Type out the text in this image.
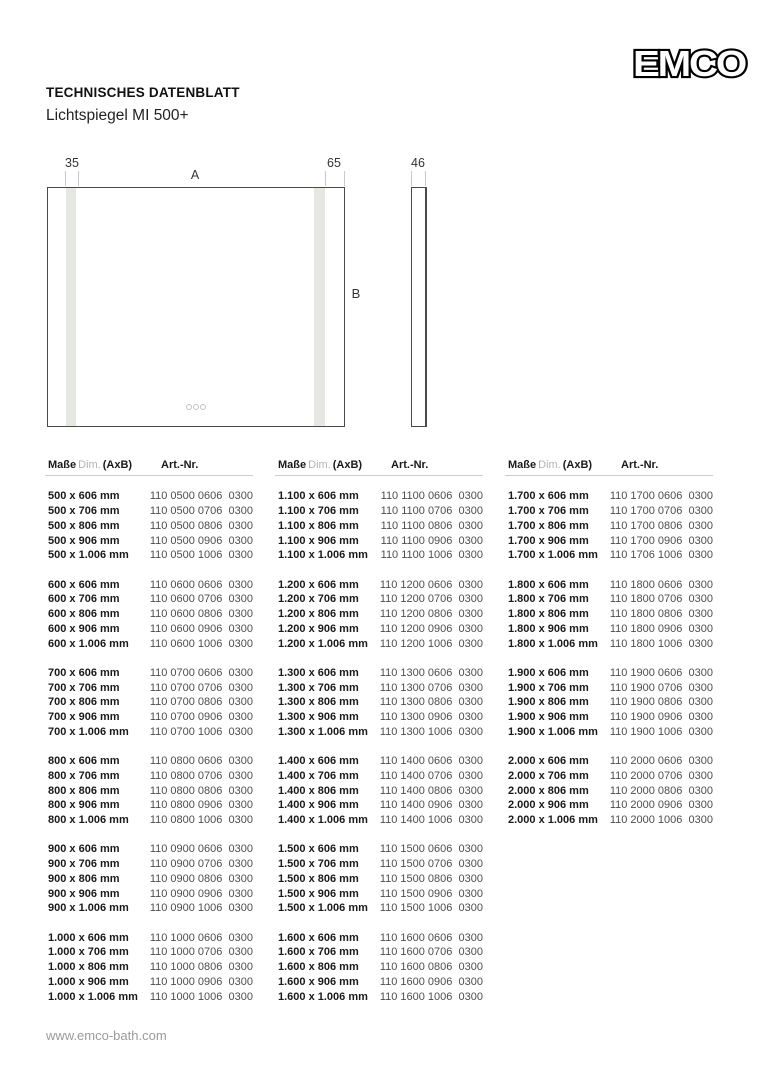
EMCO
TECHNISCHES DATENBLATT
Lichtspiegel MI 500+
35
A
65	46
B
Maße Dim. (AxB)	Art.-Nr.
500 x 606 mm	110 0500 0606  0300
500 x 706 mm	110 0500 0706  0300
500 x 806 mm	110 0500 0806  0300
500 x 906 mm	110 0500 0906  0300
500 x 1.006 mm	110 0500 1006  0300
600 x 606 mm	110 0600 0606  0300
600 x 706 mm	110 0600 0706  0300
600 x 806 mm	110 0600 0806  0300
600 x 906 mm	110 0600 0906  0300
600 x 1.006 mm	110 0600 1006  0300
700 x 606 mm	110 0700 0606  0300
700 x 706 mm	110 0700 0706  0300
700 x 806 mm	110 0700 0806  0300
700 x 906 mm	110 0700 0906  0300
700 x 1.006 mm	110 0700 1006  0300
800 x 606 mm	110 0800 0606  0300
800 x 706 mm	110 0800 0706  0300
800 x 806 mm	110 0800 0806  0300
800 x 906 mm	110 0800 0906  0300
800 x 1.006 mm	110 0800 1006  0300
900 x 606 mm	110 0900 0606  0300
900 x 706 mm	110 0900 0706  0300
900 x 806 mm	110 0900 0806  0300
900 x 906 mm	110 0900 0906  0300
900 x 1.006 mm	110 0900 1006  0300
1.000 x 606 mm	110 1000 0606  0300
1.000 x 706 mm	110 1000 0706  0300
1.000 x 806 mm	110 1000 0806  0300
1.000 x 906 mm	110 1000 0906  0300
1.000 x 1.006 mm	110 1000 1006  0300
Maße Dim. (AxB)	Art.-Nr.
1.100 x 606 mm	110 1100 0606  0300
1.100 x 706 mm	110 1100 0706  0300
1.100 x 806 mm	110 1100 0806  0300
1.100 x 906 mm	110 1100 0906  0300
1.100 x 1.006 mm	110 1100 1006  0300
1.200 x 606 mm	110 1200 0606  0300
1.200 x 706 mm	110 1200 0706  0300
1.200 x 806 mm	110 1200 0806  0300
1.200 x 906 mm	110 1200 0906  0300
1.200 x 1.006 mm	110 1200 1006  0300
1.300 x 606 mm	110 1300 0606  0300
1.300 x 706 mm	110 1300 0706  0300
1.300 x 806 mm	110 1300 0806  0300
1.300 x 906 mm	110 1300 0906  0300
1.300 x 1.006 mm	110 1300 1006  0300
1.400 x 606 mm	110 1400 0606  0300
1.400 x 706 mm	110 1400 0706  0300
1.400 x 806 mm	110 1400 0806  0300
1.400 x 906 mm	110 1400 0906  0300
1.400 x 1.006 mm	110 1400 1006  0300
1.500 x 606 mm	110 1500 0606  0300
1.500 x 706 mm	110 1500 0706  0300
1.500 x 806 mm	110 1500 0806  0300
1.500 x 906 mm	110 1500 0906  0300
1.500 x 1.006 mm	110 1500 1006  0300
1.600 x 606 mm	110 1600 0606  0300
1.600 x 706 mm	110 1600 0706  0300
1.600 x 806 mm	110 1600 0806  0300
1.600 x 906 mm	110 1600 0906  0300
1.600 x 1.006 mm	110 1600 1006  0300
Maße Dim. (AxB)	Art.-Nr.
1.700 x 606 mm	110 1700 0606  0300
1.700 x 706 mm	110 1700 0706  0300
1.700 x 806 mm	110 1700 0806  0300
1.700 x 906 mm	110 1700 0906  0300
1.700 x 1.006 mm	110 1706 1006  0300
1.800 x 606 mm	110 1800 0606  0300
1.800 x 706 mm	110 1800 0706  0300
1.800 x 806 mm	110 1800 0806  0300
1.800 x 906 mm	110 1800 0906  0300
1.800 x 1.006 mm	110 1800 1006  0300
1.900 x 606 mm	110 1900 0606  0300
1.900 x 706 mm	110 1900 0706  0300
1.900 x 806 mm	110 1900 0806  0300
1.900 x 906 mm	110 1900 0906  0300
1.900 x 1.006 mm	110 1900 1006  0300
2.000 x 606 mm	110 2000 0606  0300
2.000 x 706 mm	110 2000 0706  0300
2.000 x 806 mm	110 2000 0806  0300
2.000 x 906 mm	110 2000 0906  0300
2.000 x 1.006 mm	110 2000 1006  0300
www.emco-bath.com
